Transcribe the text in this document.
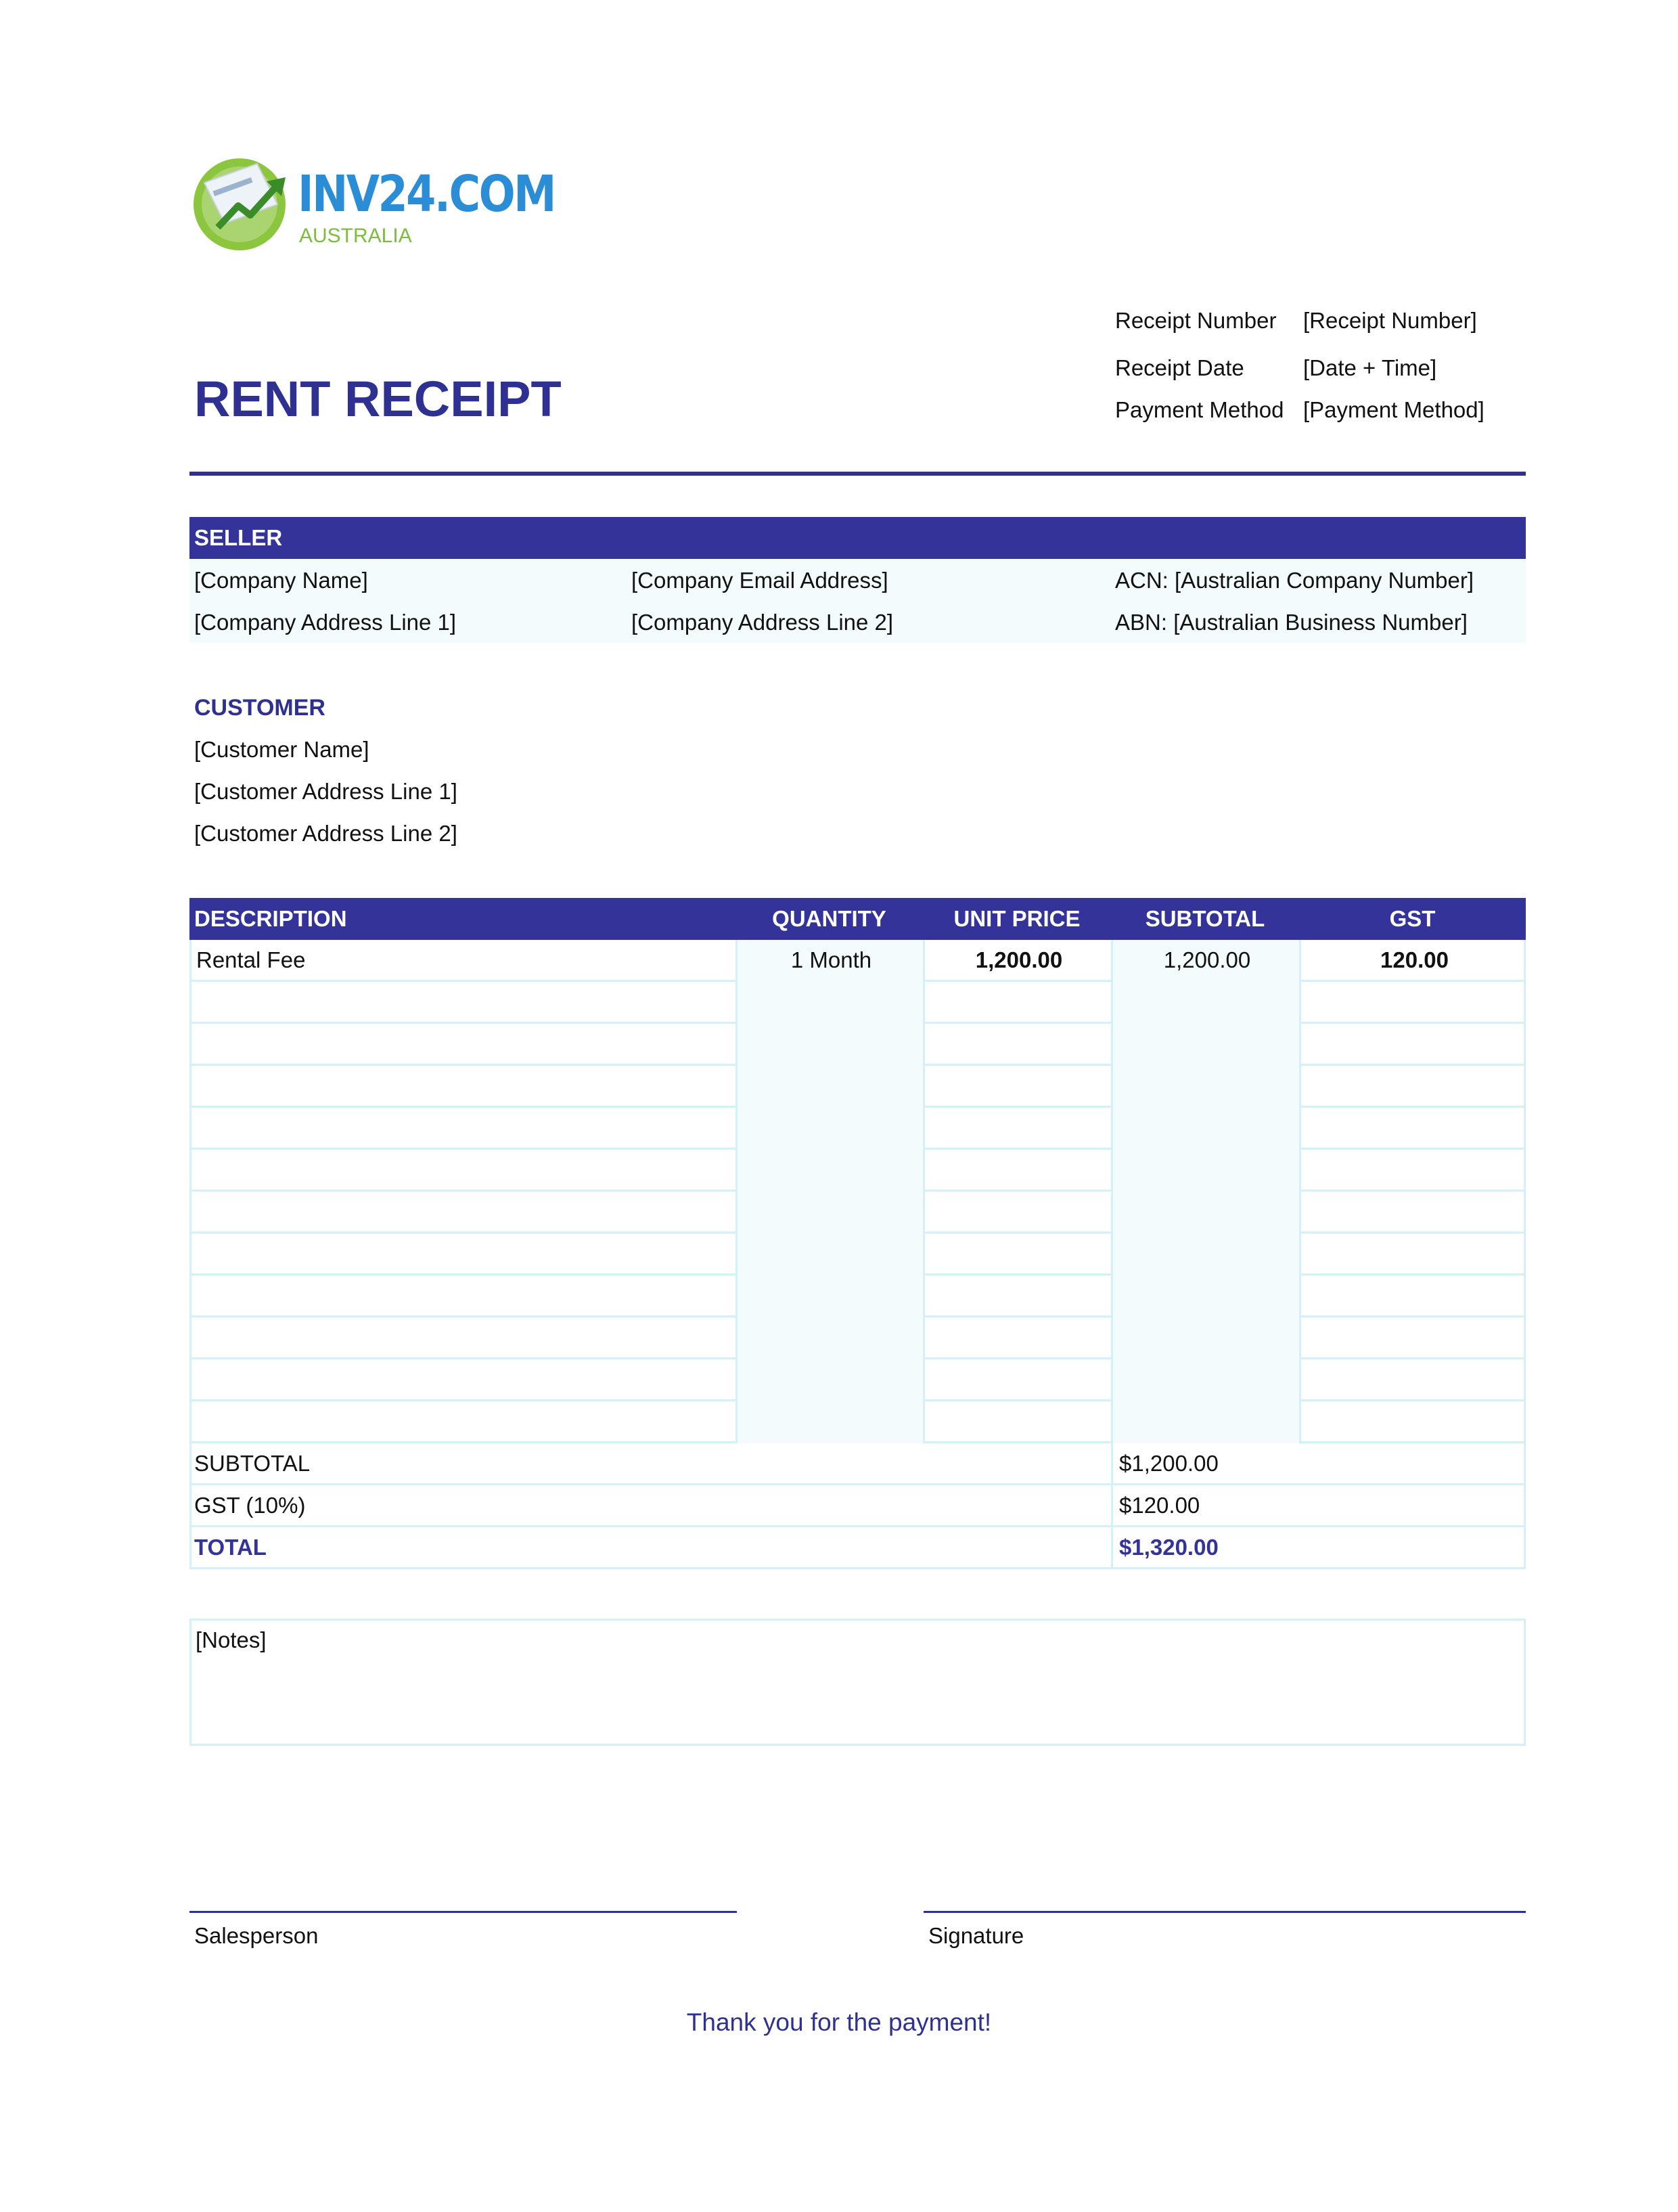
INV24.COM
AUSTRALIA
RENT RECEIPT
Receipt Number [Receipt Number]
Receipt Date	[Date + Time]
Payment Method [Payment Method]
SELLER
[Company Name]	[Company Email Address]	ACN: [Australian Company Number]
[Company Address Line 1]	[Company Address Line 2]	ABN: [Australian Business Number]
CUSTOMER
[Customer Name]
[Customer Address Line 1]
[Customer Address Line 2]
DESCRIPTION	QUANTITY	UNIT PRICE	SUBTOTAL	GST
Rental Fee	1 Month	1,200.00	1,200.00	120.00
SUBTOTAL	$1,200.00
GST (10%)	$120.00
TOTAL	$1,320.00
[Notes]
Salesperson	Signature
Thank you for the payment!
